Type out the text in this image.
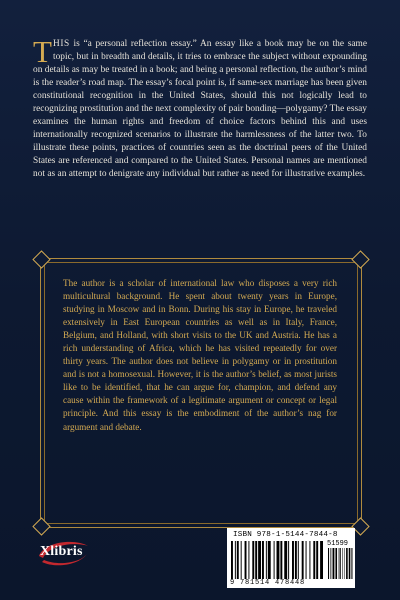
THIS is “a personal reflection essay.” An essay like a book may be on the same topic, but in breadth and details, it tries to embrace the subject without expounding on details as may be treated in a book; and being a personal reflection, the author’s mind is the reader’s road map. The essay’s focal point is, if same-sex marriage has been given constitutional recognition in the United States, should this not logically lead to recognizing prostitution and the next complexity of pair bonding—polygamy? The essay examines the human rights and freedom of choice factors behind this and uses internationally recognized scenarios to illustrate the harmlessness of the latter two. To illustrate these points, practices of countries seen as the doctrinal peers of the United States are referenced and compared to the United States. Personal names are mentioned not as an attempt to denigrate any individual but rather as need for illustrative examples.
The author is a scholar of international law who disposes a very rich multicultural background. He spent about twenty years in Europe, studying in Moscow and in Bonn. During his stay in Europe, he traveled extensively in East European countries as well as in Italy, France, Belgium, and Holland, with short visits to the UK and Austria. He has a rich understanding of Africa, which he has visited repeatedly for over thirty years. The author does not believe in polygamy or in prostitution and is not a homosexual. However, it is the author’s belief, as most jurists like to be identified, that he can argue for, champion, and defend any cause within the framework of a legitimate argument or concept or legal principle. And this essay is the embodiment of the author’s nag for argument and debate.
Xlibris
ISBN 978-1-5144-7844-8
51599
9 781514 478448
